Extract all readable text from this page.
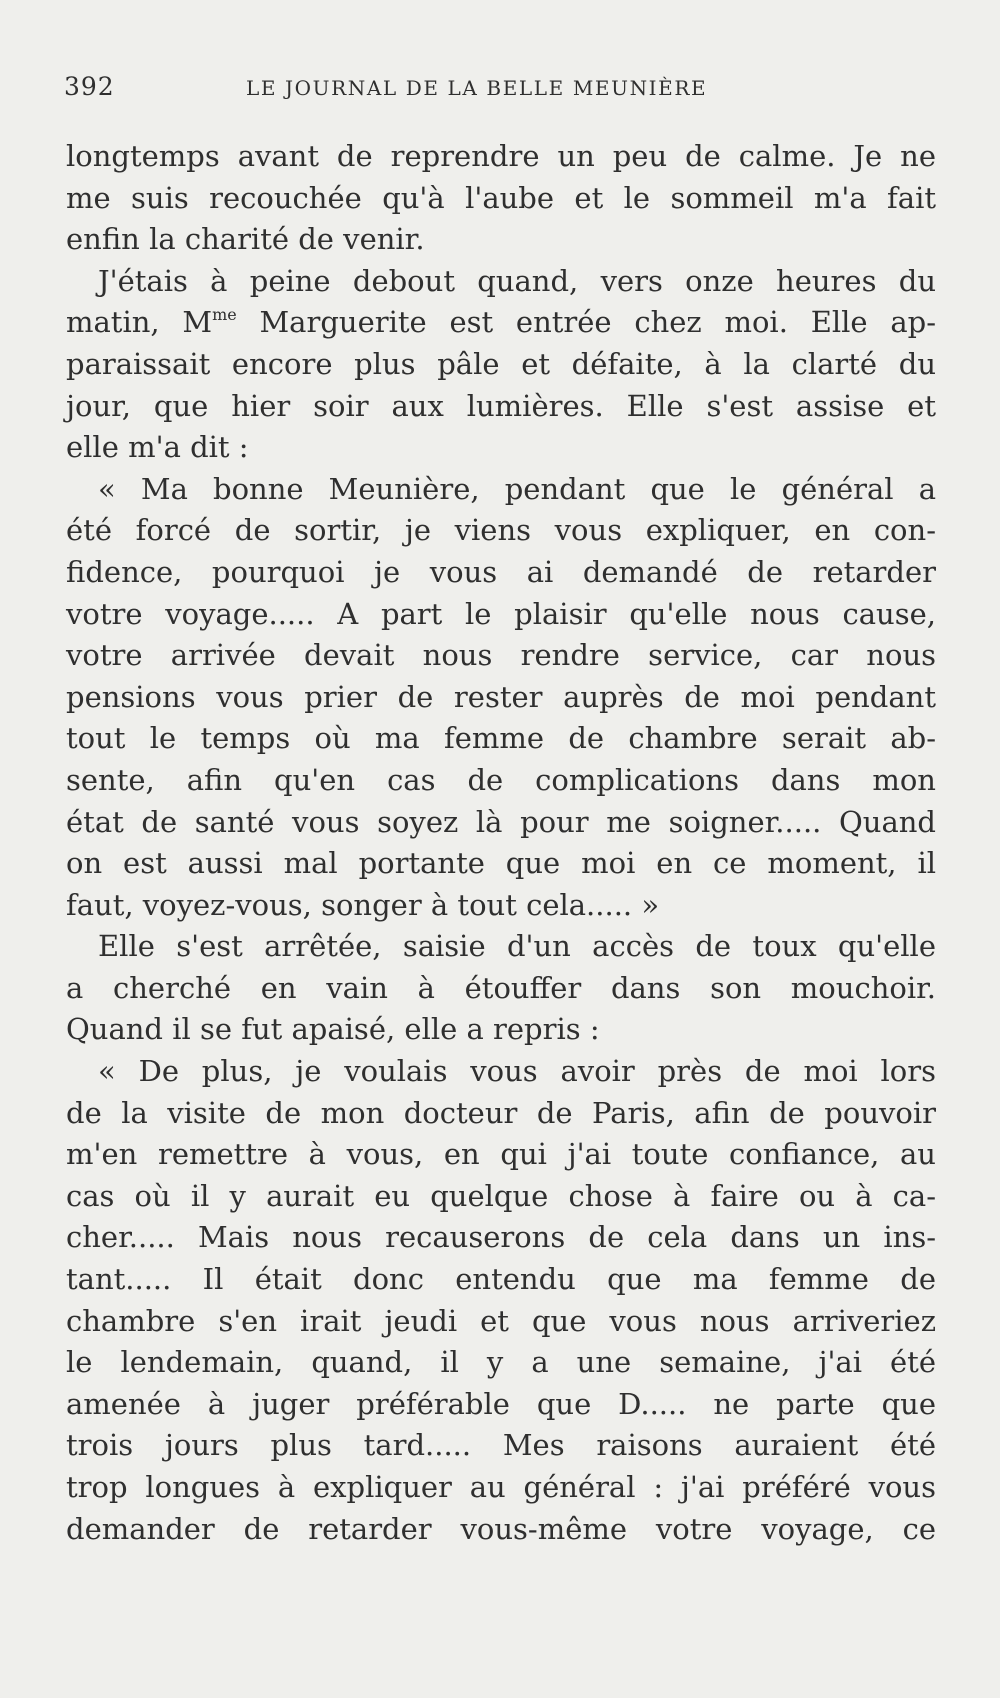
392	LE JOURNAL DE LA BELLE MEUNIÈRE
longtemps avant de reprendre un peu de calme. Je ne
me suis recouchée qu'à l'aube et le sommeil m'a fait
enfin la charité de venir.
J'étais à peine debout quand, vers onze heures du
matin, $M^{me}$ Marguerite est entrée chez moi. Elle ap-
paraissait encore plus pâle et défaite, à la clarté du
jour, que hier soir aux lumières. Elle s'est assise et
elle m'a dit :
« Ma bonne Meunière, pendant que le général a
été forcé de sortir, je viens vous expliquer, en con-
fidence, pourquoi je vous ai demandé de retarder
votre voyage..... A part le plaisir qu'elle nous cause,
votre arrivée devait nous rendre service, car nous
pensions vous prier de rester auprès de moi pendant
tout le temps où ma femme de chambre serait ab-
sente, afin qu'en cas de complications dans mon
état de santé vous soyez là pour me soigner..... Quand
on est aussi mal portante que moi en ce moment, il
faut, voyez-vous, songer à tout cela..... »
Elle s'est arrêtée, saisie d'un accès de toux qu'elle
a cherché en vain à étouffer dans son mouchoir.
Quand il se fut apaisé, elle a repris :
« De plus, je voulais vous avoir près de moi lors
de la visite de mon docteur de Paris, afin de pouvoir
m'en remettre à vous, en qui j'ai toute confiance, au
cas où il y aurait eu quelque chose à faire ou à ca-
cher..... Mais nous recauserons de cela dans un ins-
tant..... Il était donc entendu que ma femme de
chambre s'en irait jeudi et que vous nous arriveriez
le lendemain, quand, il y a une semaine, j'ai été
amenée à juger préférable que D..... ne parte que
trois jours plus tard..... Mes raisons auraient été
trop longues à expliquer au général : j'ai préféré vous
demander de retarder vous-même votre voyage, ce
